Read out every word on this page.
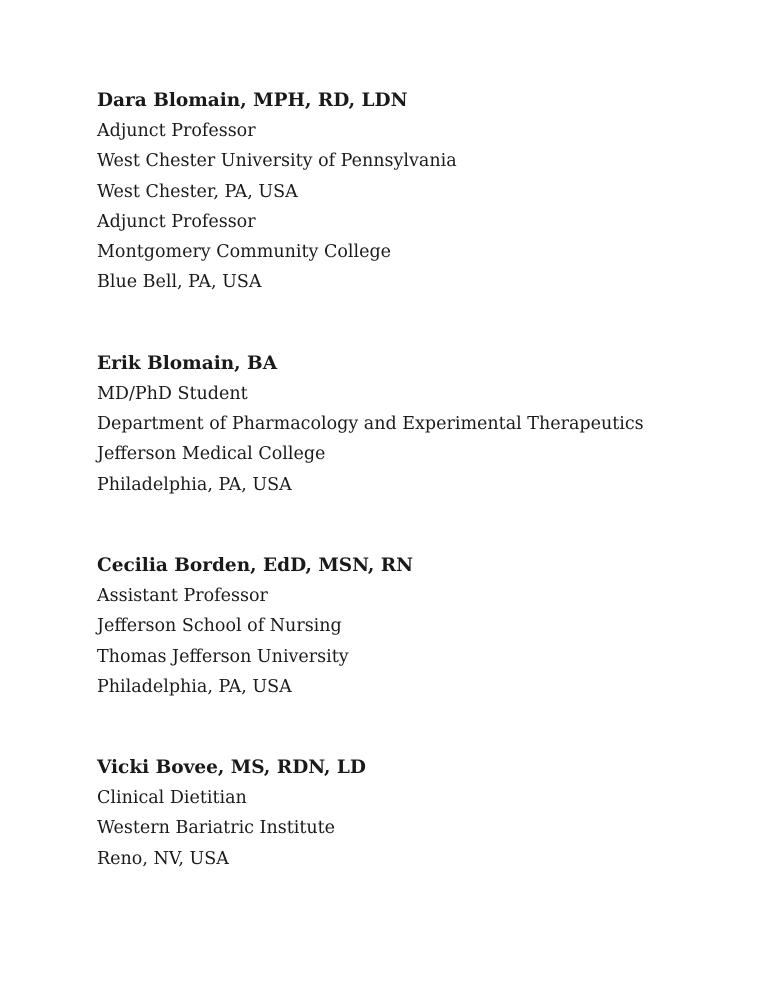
Dara Blomain, MPH, RD, LDN
Adjunct Professor
West Chester University of Pennsylvania
West Chester, PA, USA
Adjunct Professor
Montgomery Community College
Blue Bell, PA, USA
Erik Blomain, BA
MD/PhD Student
Department of Pharmacology and Experimental Therapeutics
Jefferson Medical College
Philadelphia, PA, USA
Cecilia Borden, EdD, MSN, RN
Assistant Professor
Jefferson School of Nursing
Thomas Jefferson University
Philadelphia, PA, USA
Vicki Bovee, MS, RDN, LD
Clinical Dietitian
Western Bariatric Institute
Reno, NV, USA
